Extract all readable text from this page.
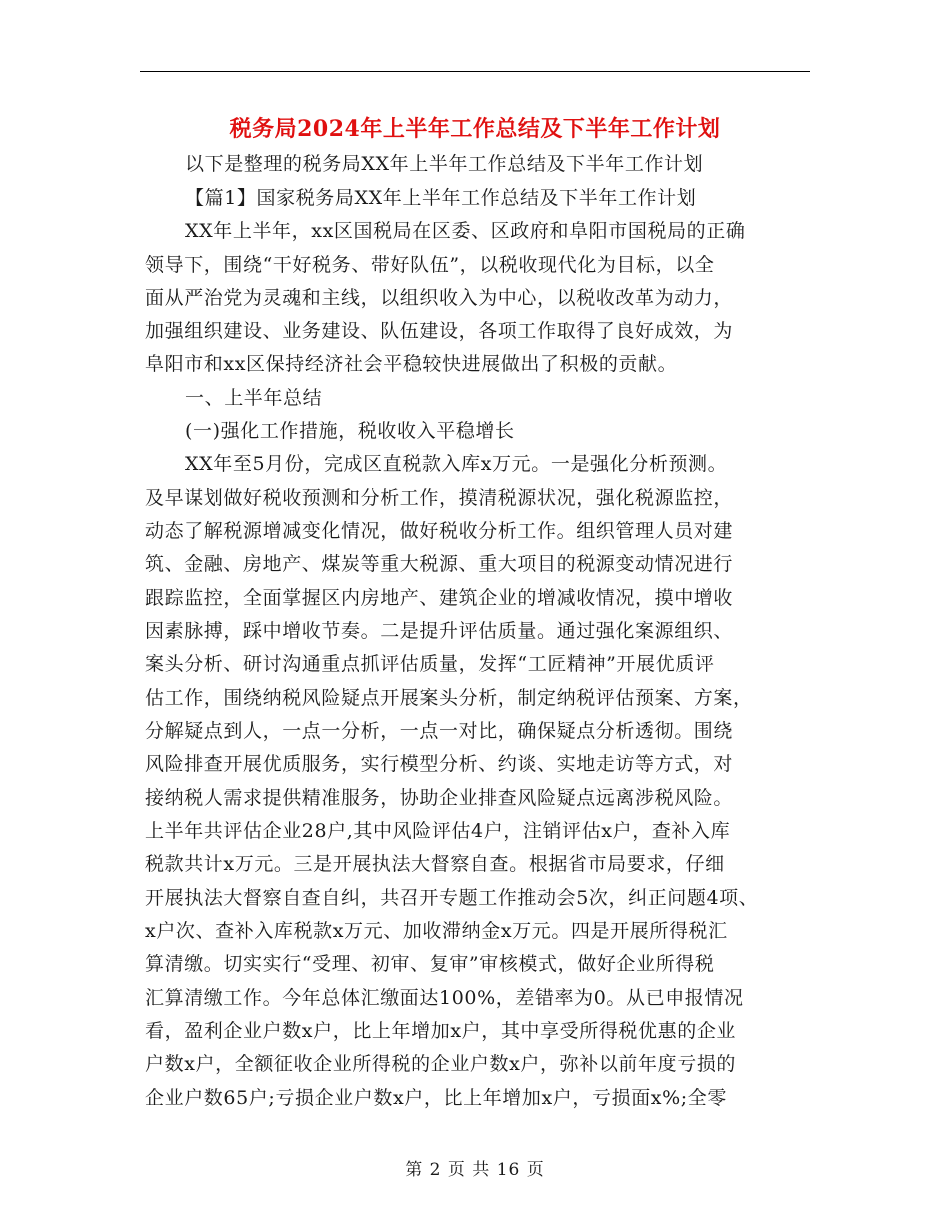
税务局2024年上半年工作总结及下半年工作计划
以下是整理的税务局XX年上半年工作总结及下半年工作计划
【篇1】国家税务局XX年上半年工作总结及下半年工作计划
XX年上半年，xx区国税局在区委、区政府和阜阳市国税局的正确
领导下，围绕“干好税务、带好队伍”，以税收现代化为目标，以全
面从严治党为灵魂和主线，以组织收入为中心，以税收改革为动力，
加强组织建设、业务建设、队伍建设，各项工作取得了良好成效，为
阜阳市和xx区保持经济社会平稳较快进展做出了积极的贡献。
一、上半年总结
(一)强化工作措施，税收收入平稳增长
XX年至5月份，完成区直税款入库x万元。一是强化分析预测。
及早谋划做好税收预测和分析工作，摸清税源状况，强化税源监控，
动态了解税源增减变化情况，做好税收分析工作。组织管理人员对建
筑、金融、房地产、煤炭等重大税源、重大项目的税源变动情况进行
跟踪监控，全面掌握区内房地产、建筑企业的增减收情况，摸中增收
因素脉搏，踩中增收节奏。二是提升评估质量。通过强化案源组织、
案头分析、研讨沟通重点抓评估质量，发挥“工匠精神”开展优质评
估工作，围绕纳税风险疑点开展案头分析，制定纳税评估预案、方案，
分解疑点到人，一点一分析，一点一对比，确保疑点分析透彻。围绕
风险排查开展优质服务，实行模型分析、约谈、实地走访等方式，对
接纳税人需求提供精准服务，协助企业排查风险疑点远离涉税风险。
上半年共评估企业28户,其中风险评估4户，注销评估x户，查补入库
税款共计x万元。三是开展执法大督察自查。根据省市局要求，仔细
开展执法大督察自查自纠，共召开专题工作推动会5次，纠正问题4项、
x户次、查补入库税款x万元、加收滞纳金x万元。四是开展所得税汇
算清缴。切实实行“受理、初审、复审”审核模式，做好企业所得税
汇算清缴工作。今年总体汇缴面达100%，差错率为0。从已申报情况
看，盈利企业户数x户，比上年增加x户，其中享受所得税优惠的企业
户数x户，全额征收企业所得税的企业户数x户，弥补以前年度亏损的
企业户数65户;亏损企业户数x户，比上年增加x户，亏损面x%;全零
第 2 页 共 16 页
